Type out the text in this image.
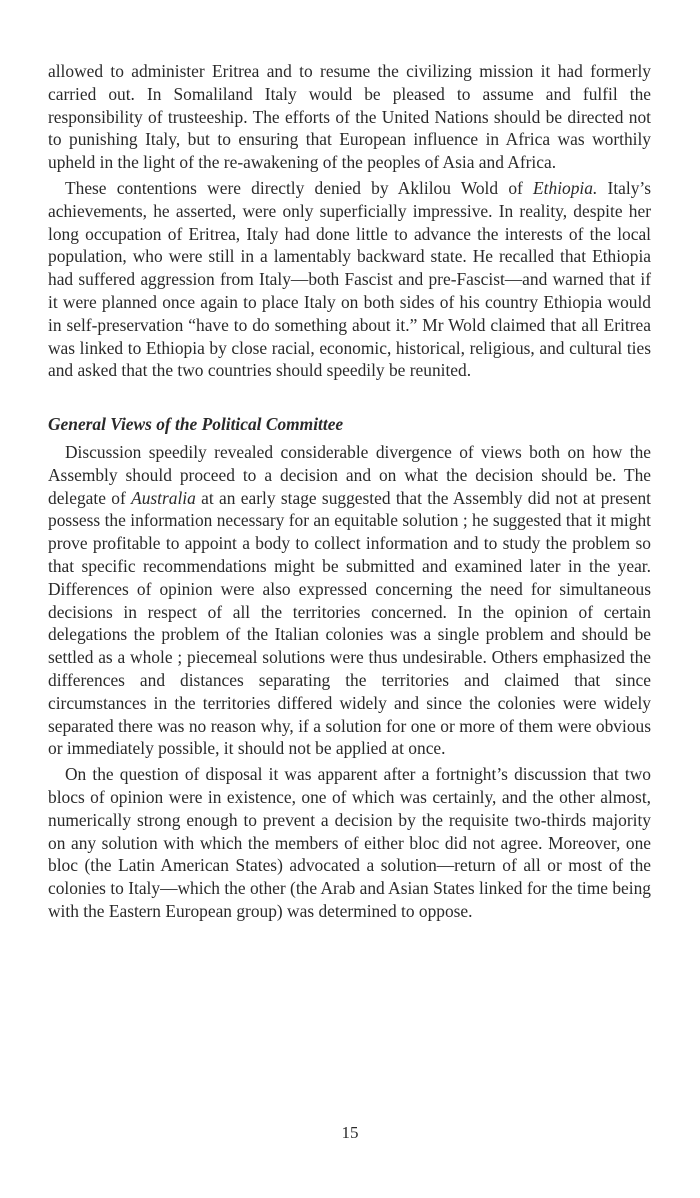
allowed to administer Eritrea and to resume the civilizing mission it had formerly carried out. In Somaliland Italy would be pleased to assume and fulfil the responsibility of trusteeship. The efforts of the United Nations should be directed not to punishing Italy, but to ensuring that European influence in Africa was worthily upheld in the light of the re-awakening of the peoples of Asia and Africa.

These contentions were directly denied by Aklilou Wold of Ethiopia. Italy’s achievements, he asserted, were only superficially impressive. In reality, despite her long occupation of Eritrea, Italy had done little to advance the interests of the local population, who were still in a lamentably backward state. He recalled that Ethiopia had suffered aggression from Italy—both Fascist and pre-Fascist—and warned that if it were planned once again to place Italy on both sides of his country Ethiopia would in self-preservation “have to do something about it.” Mr Wold claimed that all Eritrea was linked to Ethiopia by close racial, economic, historical, religious, and cultural ties and asked that the two countries should speedily be reunited.

General Views of the Political Committee

Discussion speedily revealed considerable divergence of views both on how the Assembly should proceed to a decision and on what the decision should be. The delegate of Australia at an early stage suggested that the Assembly did not at present possess the information necessary for an equitable solution ; he suggested that it might prove profitable to appoint a body to collect information and to study the problem so that specific recommendations might be submitted and examined later in the year. Differences of opinion were also expressed concerning the need for simultaneous decisions in respect of all the territories concerned. In the opinion of certain delegations the problem of the Italian colonies was a single problem and should be settled as a whole ; piecemeal solutions were thus undesirable. Others emphasized the differences and distances separating the territories and claimed that since circumstances in the territories differed widely and since the colonies were widely separated there was no reason why, if a solution for one or more of them were obvious or immediately possible, it should not be applied at once.

On the question of disposal it was apparent after a fortnight’s discussion that two blocs of opinion were in existence, one of which was certainly, and the other almost, numerically strong enough to prevent a decision by the requisite two-thirds majority on any solution with which the members of either bloc did not agree. Moreover, one bloc (the Latin American States) advocated a solution—return of all or most of the colonies to Italy—which the other (the Arab and Asian States linked for the time being with the Eastern European group) was determined to oppose.

15
